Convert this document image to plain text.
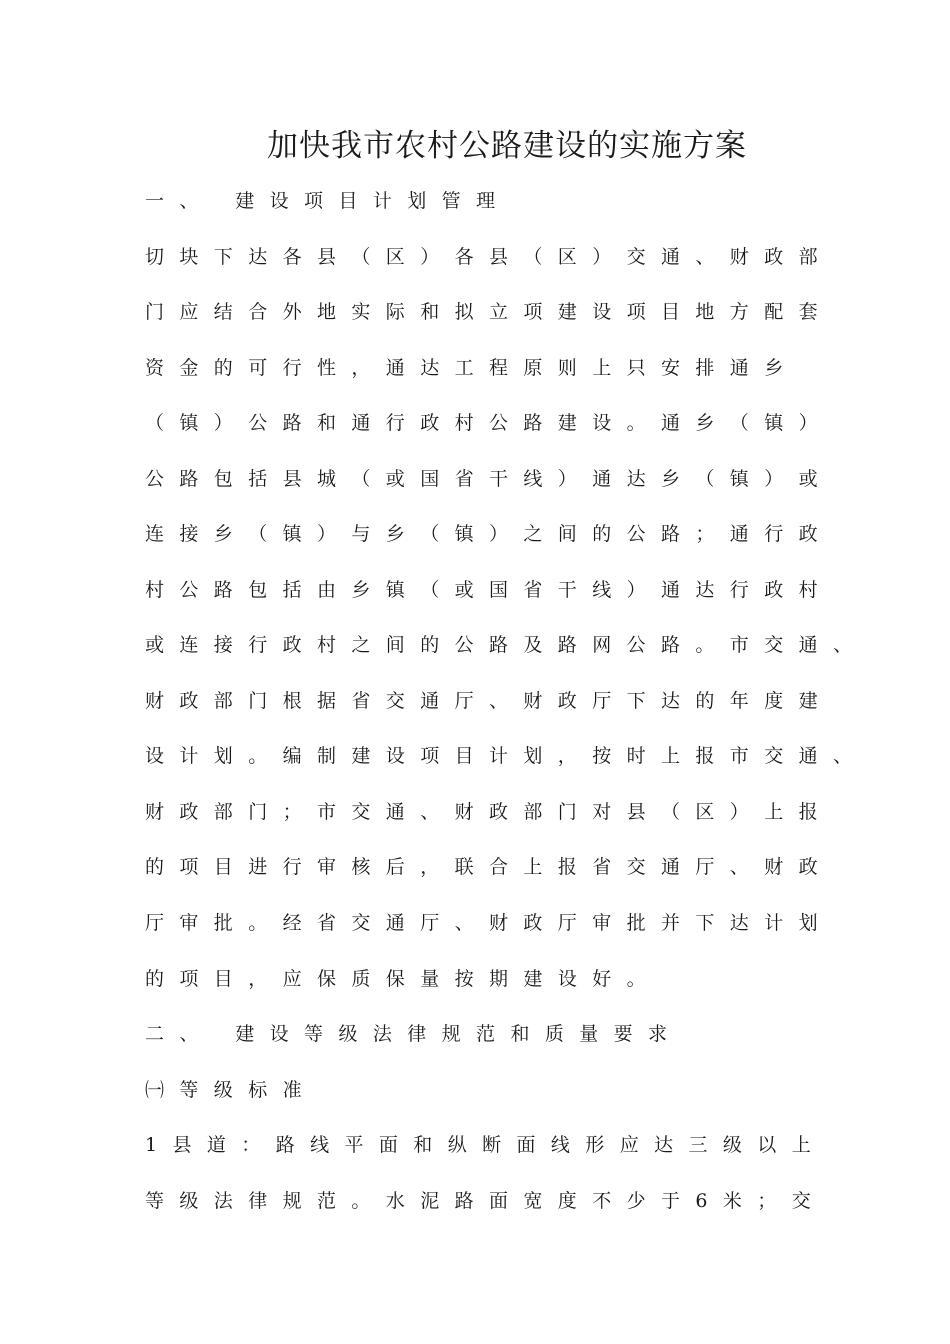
加快我市农村公路建设的实施方案

一、 建设项目计划管理

切块下达各县（区）各县（区）交通、财政部

门应结合外地实际和拟立项建设项目地方配套

资金的可行性，通达工程原则上只安排通乡

（镇）公路和通行政村公路建设。通乡（镇）

公路包括县城（或国省干线）通达乡（镇）或

连接乡（镇）与乡（镇）之间的公路；通行政

村公路包括由乡镇（或国省干线）通达行政村

或连接行政村之间的公路及路网公路。市交通、

财政部门根据省交通厅、财政厅下达的年度建

设计划。编制建设项目计划，按时上报市交通、

财政部门；市交通、财政部门对县（区）上报

的项目进行审核后，联合上报省交通厅、财政

厅审批。经省交通厅、财政厅审批并下达计划

的项目，应保质保量按期建设好。

二、 建设等级法律规范和质量要求

㈠等级标准

1县道：路线平面和纵断面线形应达三级以上

等级法律规范。水泥路面宽度不少于6米；交
